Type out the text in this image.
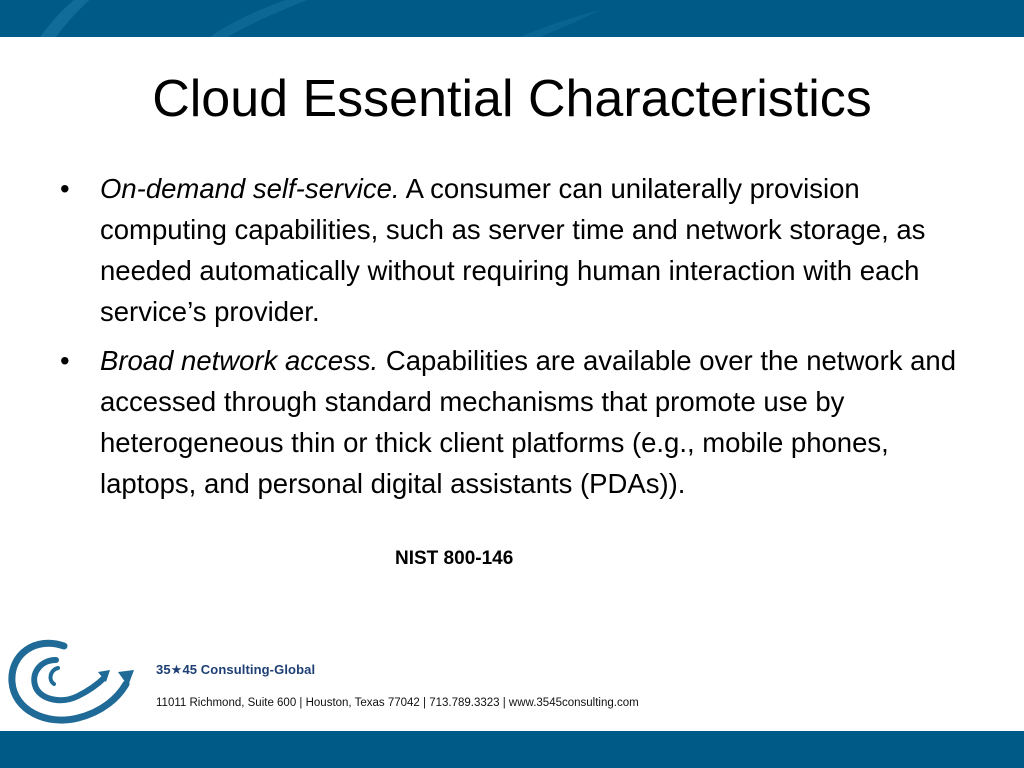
Cloud Essential Characteristics
•	On-demand self-service. A consumer can unilaterally provision computing capabilities, such as server time and network storage, as needed automatically without requiring human interaction with each service’s provider.
•	Broad network access. Capabilities are available over the network and accessed through standard mechanisms that promote use by heterogeneous thin or thick client platforms (e.g., mobile phones, laptops, and personal digital assistants (PDAs)).
NIST 800-146
35★45 Consulting-Global
11011 Richmond, Suite 600 | Houston, Texas 77042 | 713.789.3323 | www.3545consulting.com
